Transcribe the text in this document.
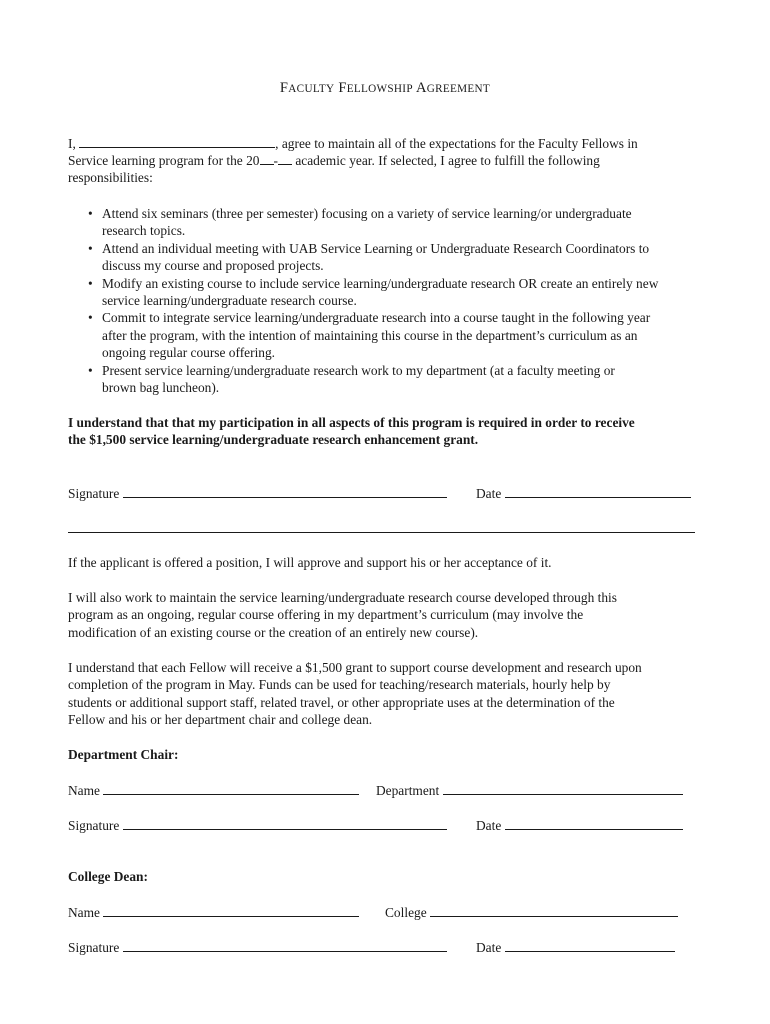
FACULTY FELLOWSHIP AGREEMENT
I,	, agree to maintain all of the expectations for the Faculty Fellows in
Service learning program for the 20 - academic year. If selected, I agree to fulfill the following
responsibilities:
• Attend six seminars (three per semester) focusing on a variety of service learning/or undergraduate
research topics.
• Attend an individual meeting with UAB Service Learning or Undergraduate Research Coordinators to
discuss my course and proposed projects.
• Modify an existing course to include service learning/undergraduate research OR create an entirely new
service learning/undergraduate research course.
• Commit to integrate service learning/undergraduate research into a course taught in the following year
after the program, with the intention of maintaining this course in the department’s curriculum as an
ongoing regular course offering.
• Present service learning/undergraduate research work to my department (at a faculty meeting or
brown bag luncheon).
I understand that that my participation in all aspects of this program is required in order to receive
the $1,500 service learning/undergraduate research enhancement grant.
Signature	Date
If the applicant is offered a position, I will approve and support his or her acceptance of it.
I will also work to maintain the service learning/undergraduate research course developed through this
program as an ongoing, regular course offering in my department’s curriculum (may involve the
modification of an existing course or the creation of an entirely new course).
I understand that each Fellow will receive a $1,500 grant to support course development and research upon
completion of the program in May. Funds can be used for teaching/research materials, hourly help by
students or additional support staff, related travel, or other appropriate uses at the determination of the
Fellow and his or her department chair and college dean.
Department Chair:
Name	Department
Signature	Date
College Dean:
Name	College
Signature	Date
